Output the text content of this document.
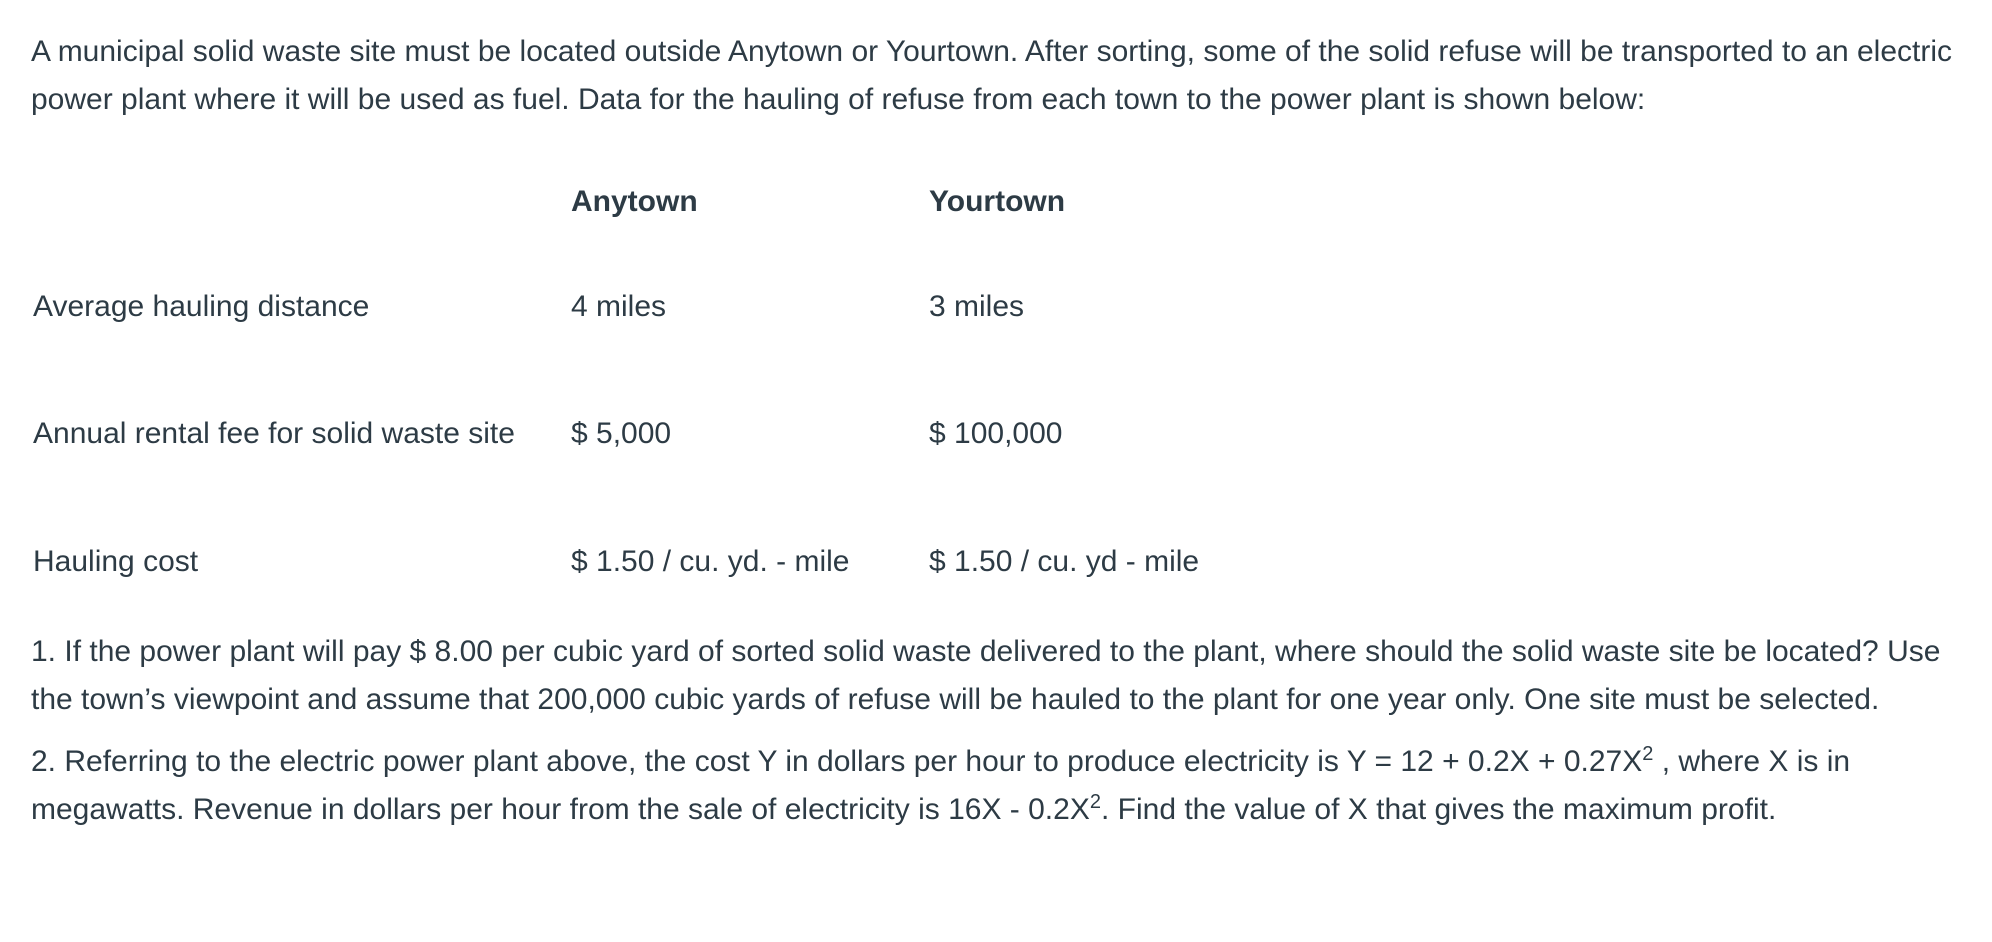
A municipal solid waste site must be located outside Anytown or Yourtown. After sorting, some of the solid refuse will be transported to an electric power plant where it will be used as fuel. Data for the hauling of refuse from each town to the power plant is shown below:

	Anytown	Yourtown

Average hauling distance	4 miles	3 miles

Annual rental fee for solid waste site	$ 5,000	$ 100,000

Hauling cost	$ 1.50 / cu. yd. - mile	$ 1.50 / cu. yd - mile

1. If the power plant will pay $ 8.00 per cubic yard of sorted solid waste delivered to the plant, where should the solid waste site be located? Use the town’s viewpoint and assume that 200,000 cubic yards of refuse will be hauled to the plant for one year only. One site must be selected.

2. Referring to the electric power plant above, the cost Y in dollars per hour to produce electricity is $Y = 12 + 0.2X + 0.27X^2$ , where X is in megawatts. Revenue in dollars per hour from the sale of electricity is $16X - 0.2X^2$. Find the value of X that gives the maximum profit.
